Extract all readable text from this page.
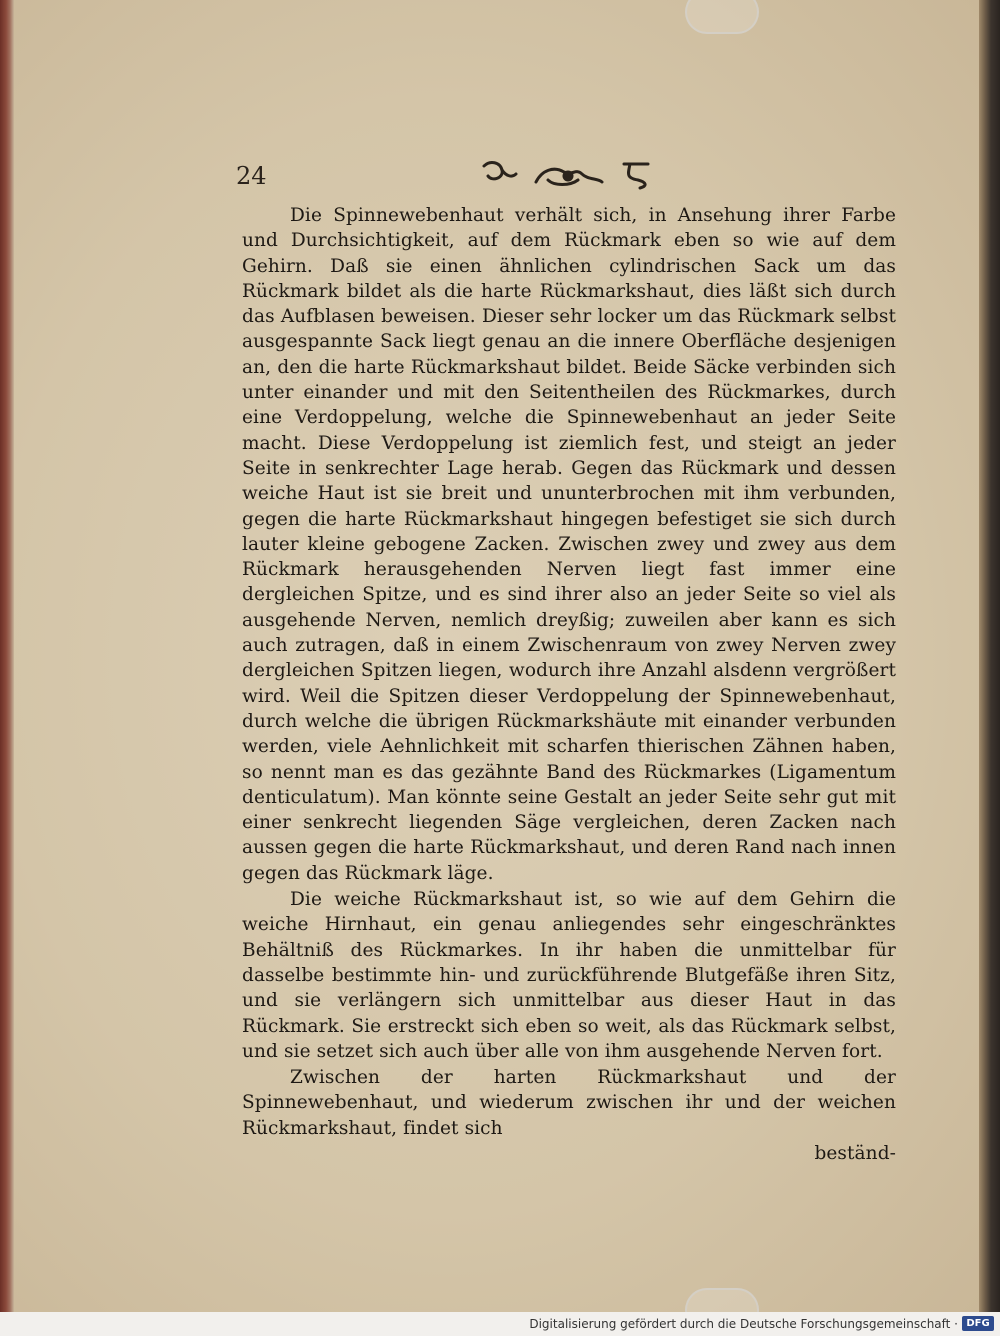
24

Die Spinnewebenhaut verhält sich, in Ansehung ihrer Farbe und Durchsichtigkeit, auf dem Rückmark eben so wie auf dem Gehirn. Daß sie einen ähnlichen cylindrischen Sack um das Rückmark bildet als die harte Rückmarkshaut, dies läßt sich durch das Aufblasen beweisen. Dieser sehr locker um das Rückmark selbst ausgespannte Sack liegt genau an die innere Oberfläche desjenigen an, den die harte Rückmarkshaut bildet. Beide Säcke verbinden sich unter einander und mit den Seitentheilen des Rückmarkes, durch eine Verdoppelung, welche die Spinnewebenhaut an jeder Seite macht. Diese Verdoppelung ist ziemlich fest, und steigt an jeder Seite in senkrechter Lage herab. Gegen das Rückmark und dessen weiche Haut ist sie breit und ununterbrochen mit ihm verbunden, gegen die harte Rückmarkshaut hingegen befestiget sie sich durch lauter kleine gebogene Zacken. Zwischen zwey und zwey aus dem Rückmark herausgehenden Nerven liegt fast immer eine dergleichen Spitze, und es sind ihrer also an jeder Seite so viel als ausgehende Nerven, nemlich dreyßig; zuweilen aber kann es sich auch zutragen, daß in einem Zwischenraum von zwey Nerven zwey dergleichen Spitzen liegen, wodurch ihre Anzahl alsdenn vergrößert wird. Weil die Spitzen dieser Verdoppelung der Spinnewebenhaut, durch welche die übrigen Rückmarkshäute mit einander verbunden werden, viele Aehnlichkeit mit scharfen thierischen Zähnen haben, so nennt man es das gezähnte Band des Rückmarkes (Ligamentum denticulatum). Man könnte seine Gestalt an jeder Seite sehr gut mit einer senkrecht liegenden Säge vergleichen, deren Zacken nach aussen gegen die harte Rückmarkshaut, und deren Rand nach innen gegen das Rückmark läge.

Die weiche Rückmarkshaut ist, so wie auf dem Gehirn die weiche Hirnhaut, ein genau anliegendes sehr eingeschränktes Behältniß des Rückmarkes. In ihr haben die unmittelbar für dasselbe bestimmte hin- und zurückführende Blutgefäße ihren Sitz, und sie verlängern sich unmittelbar aus dieser Haut in das Rückmark. Sie erstreckt sich eben so weit, als das Rückmark selbst, und sie setzet sich auch über alle von ihm ausgehende Nerven fort.

Zwischen der harten Rückmarkshaut und der Spinnewebenhaut, und wiederum zwischen ihr und der weichen Rückmarkshaut, findet sich

beständ-

Digitalisierung gefördert durch die Deutsche Forschungsgemeinschaft · DFG
